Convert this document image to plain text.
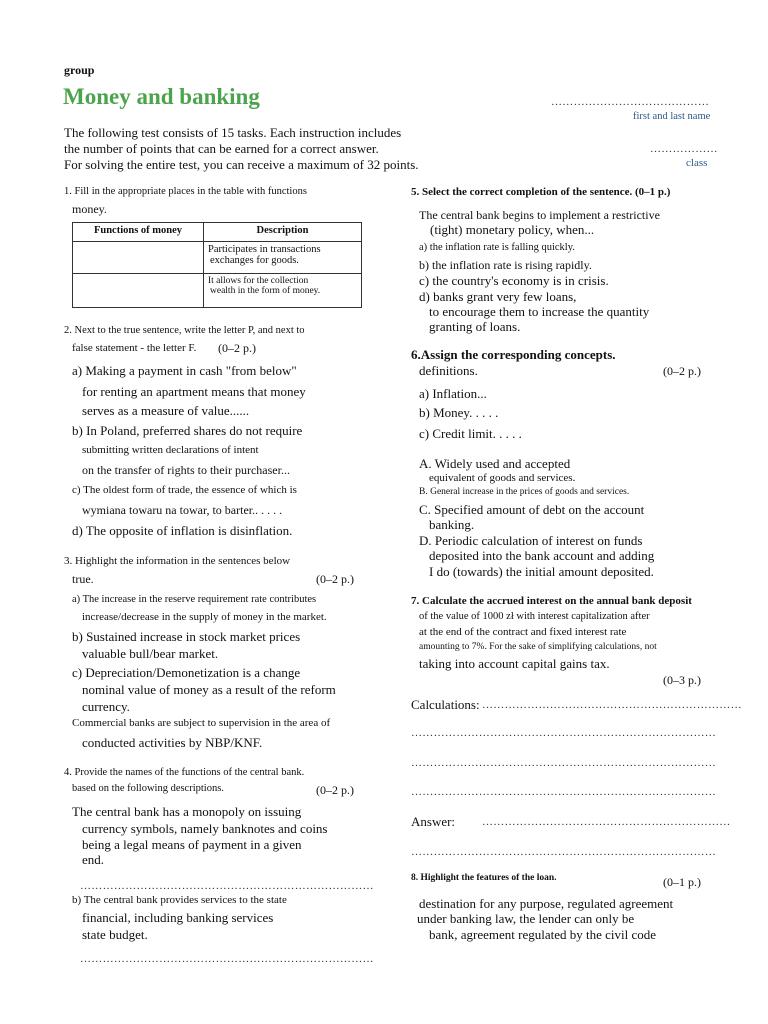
group
Money and banking	……………………………………
first and last name
………………
class
The following test consists of 15 tasks. Each instruction includes
the number of points that can be earned for a correct answer.
For solving the entire test, you can receive a maximum of 32 points.
1. Fill in the appropriate places in the table with functions
money.
Functions of money	Description

	Participates in transactions
exchanges for goods.

	It allows for the collection
wealth in the form of money.
2. Next to the true sentence, write the letter P, and next to
false statement - the letter F. (0–2 p.)
a) Making a payment in cash "from below"
for renting an apartment means that money
serves as a measure of value......
b) In Poland, preferred shares do not require
submitting written declarations of intent
on the transfer of rights to their purchaser...
c) The oldest form of trade, the essence of which is
wymiana towaru na towar, to barter.. . . . .
d) The opposite of inflation is disinflation.
3. Highlight the information in the sentences below
true.	(0–2 p.)
a) The increase in the reserve requirement rate contributes
increase/decrease in the supply of money in the market.
b) Sustained increase in stock market prices
valuable bull/bear market.
c) Depreciation/Demonetization is a change
nominal value of money as a result of the reform
currency.
Commercial banks are subject to supervision in the area of
conducted activities by NBP/KNF.
4. Provide the names of the functions of the central bank.
based on the following descriptions.	(0–2 p.)
The central bank has a monopoly on issuing
currency symbols, namely banknotes and coins
being a legal means of payment in a given
end.
……………………………………………………………………
b) The central bank provides services to the state
financial, including banking services
state budget.
……………………………………………………………………
5. Select the correct completion of the sentence. (0–1 p.)
The central bank begins to implement a restrictive
(tight) monetary policy, when...
a) the inflation rate is falling quickly.
b) the inflation rate is rising rapidly.
c) the country's economy is in crisis.
d) banks grant very few loans,
to encourage them to increase the quantity
granting of loans.
6.Assign the corresponding concepts.
definitions.	(0–2 p.)
a) Inflation...
b) Money. . . . .
c) Credit limit. . . . .
A. Widely used and accepted
equivalent of goods and services.
B. General increase in the prices of goods and services.
C. Specified amount of debt on the account
banking.
D. Periodic calculation of interest on funds
deposited into the bank account and adding
I do (towards) the initial amount deposited.
7. Calculate the accrued interest on the annual bank deposit
of the value of 1000 zł with interest capitalization after
at the end of the contract and fixed interest rate
amounting to 7%. For the sake of simplifying calculations, not
taking into account capital gains tax.
(0–3 p.)
Calculations: ……………………………………………………………
………………………………………………………………………
………………………………………………………………………
………………………………………………………………………
Answer: …………………………………………………………
………………………………………………………………………
8. Highlight the features of the loan.	(0–1 p.)
destination for any purpose, regulated agreement
under banking law, the lender can only be
bank, agreement regulated by the civil code
